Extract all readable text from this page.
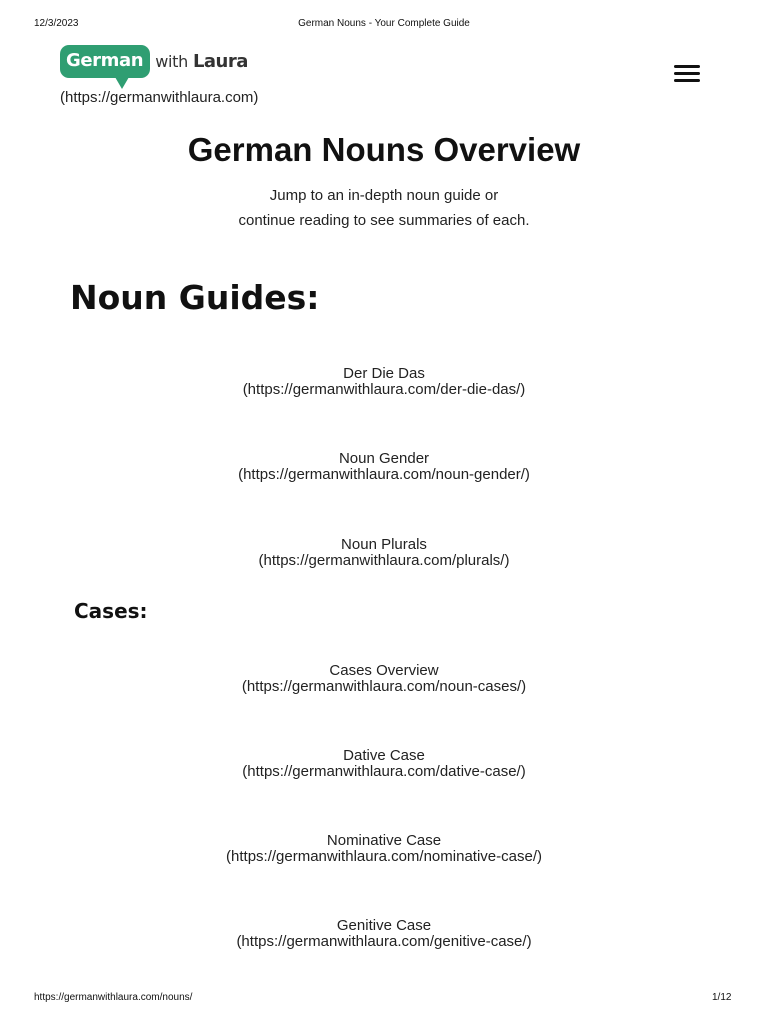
12/3/2023	German Nouns - Your Complete Guide
German with Laura
(https://germanwithlaura.com)
German Nouns Overview
Jump to an in-depth noun guide or
continue reading to see summaries of each.
Noun Guides:
Der Die Das
(https://germanwithlaura.com/der-die-das/)
Noun Gender
(https://germanwithlaura.com/noun-gender/)
Noun Plurals
(https://germanwithlaura.com/plurals/)
Cases:
Cases Overview
(https://germanwithlaura.com/noun-cases/)
Dative Case
(https://germanwithlaura.com/dative-case/)
Nominative Case
(https://germanwithlaura.com/nominative-case/)
Genitive Case
(https://germanwithlaura.com/genitive-case/)
https://germanwithlaura.com/nouns/	1/12
